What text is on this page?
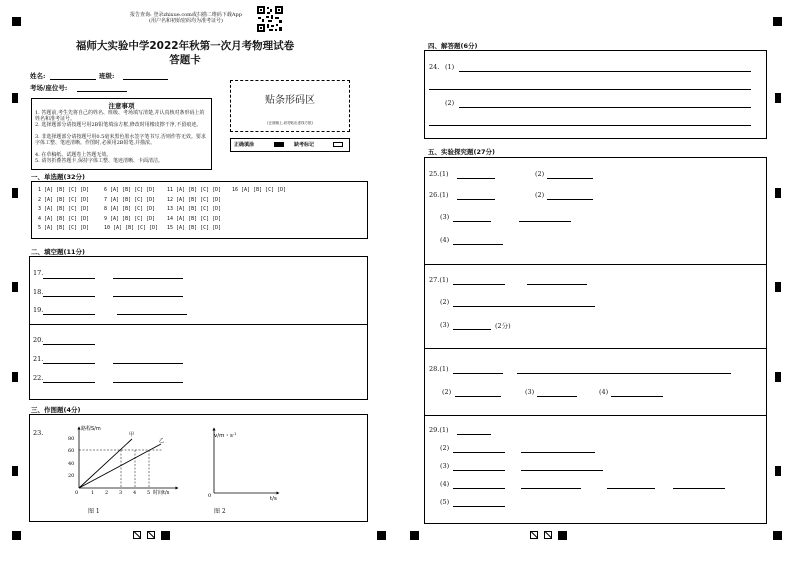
报告查询: 登录zhixue.com或扫描二维码下载App
(用户名和初始密码均为准考证号)
福师大实验中学2022年秋第一次月考物理试卷
答题卡
姓名:	班级:
考场/座位号:
贴条形码区
(正面朝上,切勿贴出虚线方框)
注意事项
1. 答题前,考生先将自己的姓名、班级、考场填写清楚,并认真核对条形码上的姓名和准考证号。
2. 选择题部分请按题号用2B铅笔填涂方框,修改时用橡皮擦干净,不留痕迹。
3. 非选择题部分请按题号用0.5毫米黑色墨水签字笔书写,否则作答无效。要求字体工整、笔迹清晰。作图时,必须用2B铅笔,并描浓。
4. 在草稿纸、试题卷上答题无效。
5. 请勿折叠答题卡,保持字体工整、笔迹清晰、卡面清洁。
正确填涂	缺考标记
一、单选题(32分)
1 [A] [B] [C] [D]
2 [A] [B] [C] [D]
3 [A] [B] [C] [D]
4 [A] [B] [C] [D]
5 [A] [B] [C] [D]
6 [A] [B] [C] [D]
7 [A] [B] [C] [D]
8 [A] [B] [C] [D]
9 [A] [B] [C] [D]
10 [A] [B] [C] [D]
11 [A] [B] [C] [D]
12 [A] [B] [C] [D]
13 [A] [B] [C] [D]
14 [A] [B] [C] [D]
15 [A] [B] [C] [D]
16 [A] [B] [C] [D]
二、填空题(11分)
17.
18.
19.
20.
21.
22.
三、作图题(4分)
23.	路程S/m
时间t/s
甲
乙
80
60
40
20
0	1 2 3 4 5
图 1
v/m・$s^{-1}$
t/s
0
图 2
四、解答题(6分)
24. (1)
(2)
五、实验探究题(27分)
25.(1)	(2)
26.(1)	(2)
(3)
(4)
27.(1)
(2)
(3)	(2分)
28.(1)
(2)	(3)	(4)
29.(1)
(2)
(3)
(4)
(5)
